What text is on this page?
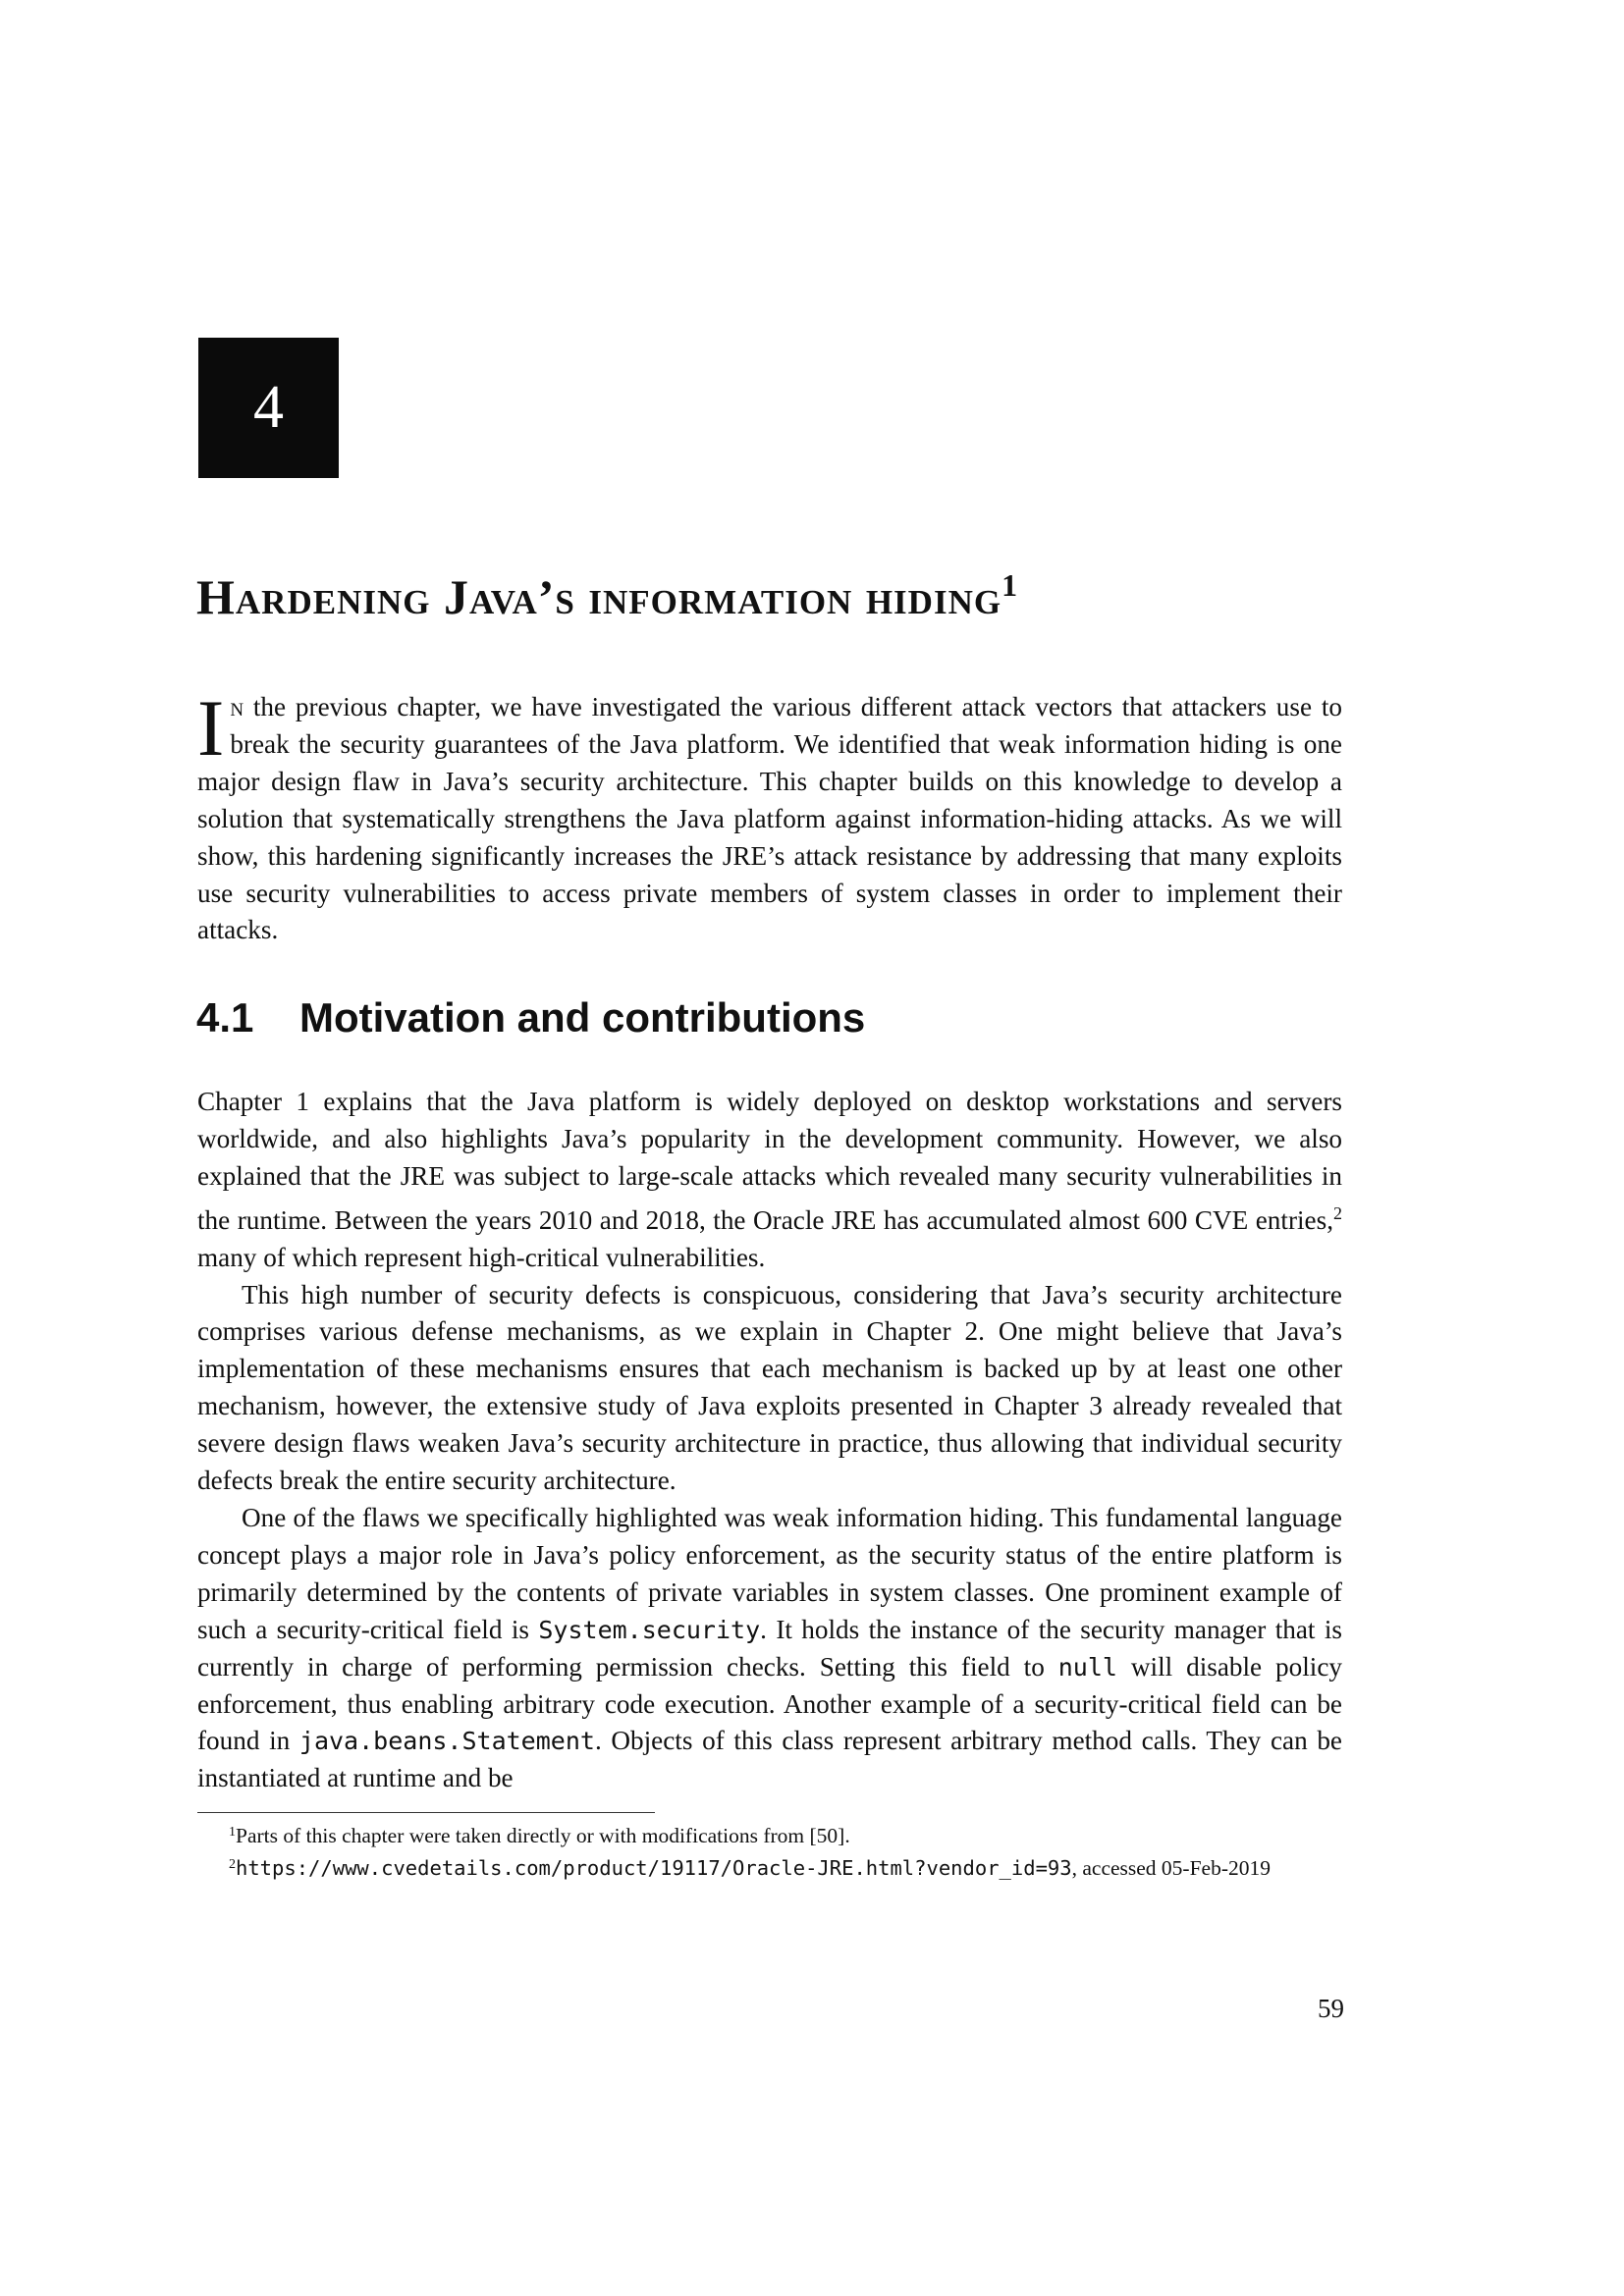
4
Hardening Java’s information hiding$^1$
In the previous chapter, we have investigated the various different attack vectors that attackers use to break the security guarantees of the Java platform. We identified that weak information hiding is one major design flaw in Java’s security architecture. This chapter builds on this knowledge to develop a solution that systematically strengthens the Java platform against information-hiding attacks. As we will show, this hardening significantly increases the JRE’s attack resistance by addressing that many exploits use security vulnerabilities to access private members of system classes in order to implement their attacks.
4.1 Motivation and contributions

Chapter 1 explains that the Java platform is widely deployed on desktop workstations and servers worldwide, and also highlights Java’s popularity in the development community. However, we also explained that the JRE was subject to large-scale attacks which revealed many security vulnerabilities in the runtime. Between the years 2010 and 2018, the Oracle JRE has accumulated almost 600 CVE entries,$^2$ many of which represent high-critical vulnerabilities.

This high number of security defects is conspicuous, considering that Java’s security architecture comprises various defense mechanisms, as we explain in Chapter 2. One might believe that Java’s implementation of these mechanisms ensures that each mechanism is backed up by at least one other mechanism, however, the extensive study of Java exploits presented in Chapter 3 already revealed that severe design flaws weaken Java’s security architecture in practice, thus allowing that individual security defects break the entire security architecture.

One of the flaws we specifically highlighted was weak information hiding. This fundamental language concept plays a major role in Java’s policy enforcement, as the security status of the entire platform is primarily determined by the contents of private variables in system classes. One prominent example of such a security-critical field is System.security. It holds the instance of the security manager that is currently in charge of performing permission checks. Setting this field to null will disable policy enforcement, thus enabling arbitrary code execution. Another example of a security-critical field can be found in java.beans.Statement. Objects of this class represent arbitrary method calls. They can be instantiated at runtime and be

$^1$Parts of this chapter were taken directly or with modifications from [50].

$^2$https://www.cvedetails.com/product/19117/Oracle-JRE.html?vendor_id=93, accessed 05-Feb-2019

59
